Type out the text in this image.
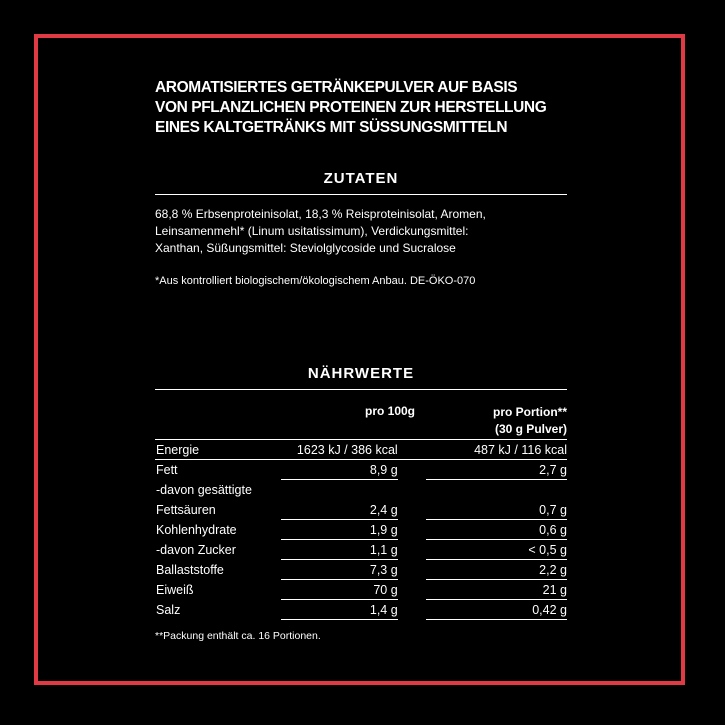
AROMATISIERTES GETRÄNKEPULVER AUF BASIS
VON PFLANZLICHEN PROTEINEN ZUR HERSTELLUNG
EINES KALTGETRÄNKS MIT SÜSSUNGSMITTELN
ZUTATEN

68,8 % Erbsenproteinisolat, 18,3 % Reisproteinisolat, Aromen,
Leinsamenmehl* (Linum usitatissimum), Verdickungsmittel:
Xanthan, Süßungsmittel: Steviolglycoside und Sucralose

*Aus kontrolliert biologischem/ökologischem Anbau. DE-ÖKO-070

NÄHRWERTE
pro 100g	pro Portion**
(30 g Pulver)
Energie	1623 kJ / 386 kcal	487 kJ / 116 kcal
Fett	8,9 g	2,7 g
-davon gesättigte
Fettsäuren	2,4 g	0,7 g
Kohlenhydrate	1,9 g	0,6 g
-davon Zucker	1,1 g	< 0,5 g
Ballaststoffe	7,3 g	2,2 g
Eiweiß	70 g	21 g
Salz	1,4 g	0,42 g

**Packung enthält ca. 16 Portionen.
